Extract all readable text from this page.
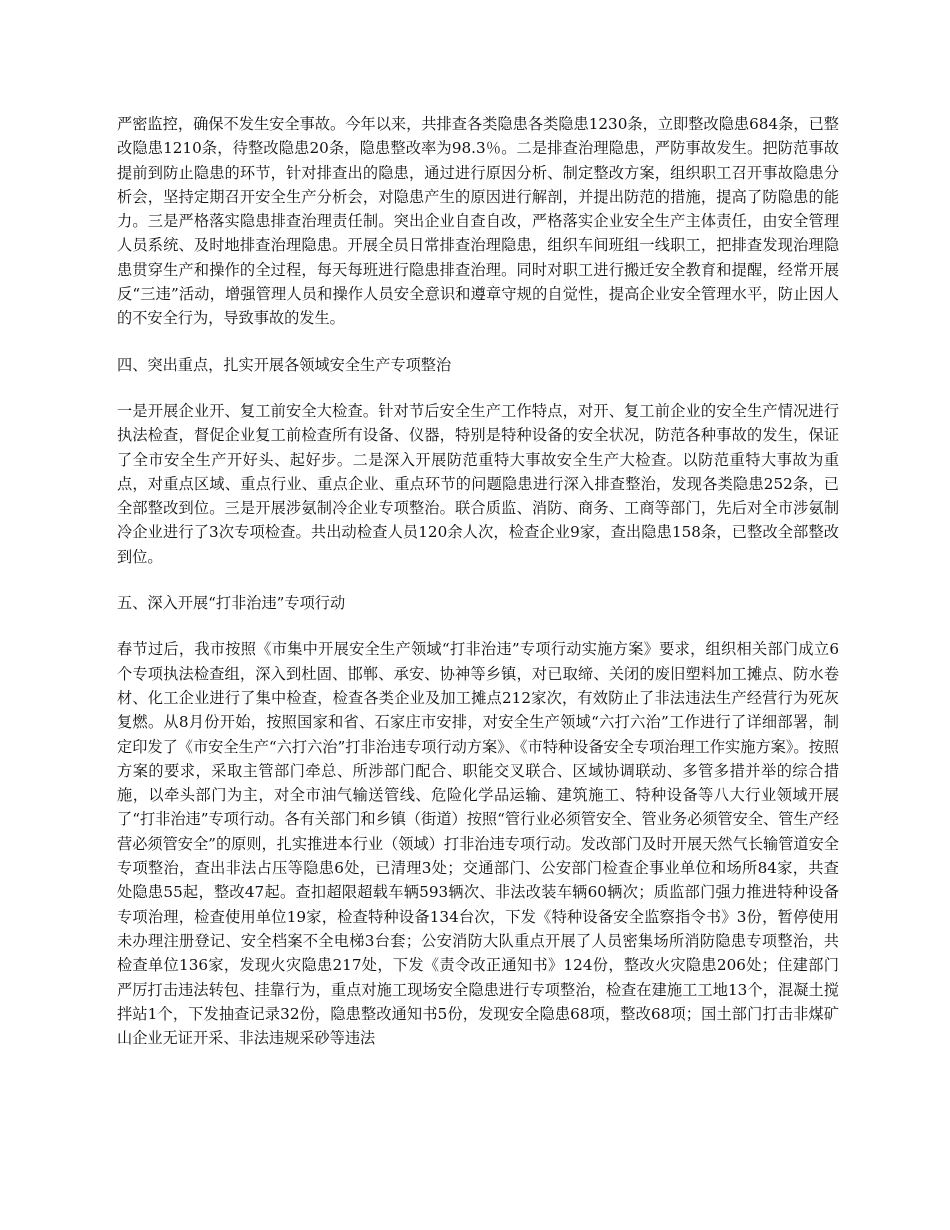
严密监控，确保不发生安全事故。今年以来，共排查各类隐患各类隐患1230条，立即整改隐患684条，已整改隐患1210条，待整改隐患20条，隐患整改率为98.3％。二是排查治理隐患，严防事故发生。把防范事故提前到防止隐患的环节，针对排查出的隐患，通过进行原因分析、制定整改方案，组织职工召开事故隐患分析会，坚持定期召开安全生产分析会，对隐患产生的原因进行解剖，并提出防范的措施，提高了防隐患的能力。三是严格落实隐患排查治理责任制。突出企业自查自改，严格落实企业安全生产主体责任，由安全管理人员系统、及时地排查治理隐患。开展全员日常排查治理隐患，组织车间班组一线职工，把排查发现治理隐患贯穿生产和操作的全过程，每天每班进行隐患排查治理。同时对职工进行搬迁安全教育和提醒，经常开展反“三违”活动，增强管理人员和操作人员安全意识和遵章守规的自觉性，提高企业安全管理水平，防止因人的不安全行为，导致事故的发生。

四、突出重点，扎实开展各领域安全生产专项整治

一是开展企业开、复工前安全大检查。针对节后安全生产工作特点，对开、复工前企业的安全生产情况进行执法检查，督促企业复工前检查所有设备、仪器，特别是特种设备的安全状况，防范各种事故的发生，保证了全市安全生产开好头、起好步。二是深入开展防范重特大事故安全生产大检查。以防范重特大事故为重点，对重点区域、重点行业、重点企业、重点环节的问题隐患进行深入排查整治，发现各类隐患252条，已全部整改到位。三是开展涉氨制冷企业专项整治。联合质监、消防、商务、工商等部门，先后对全市涉氨制冷企业进行了3次专项检查。共出动检查人员120余人次，检查企业9家，查出隐患158条，已整改全部整改到位。

五、深入开展“打非治违”专项行动

春节过后，我市按照《市集中开展安全生产领域“打非治违”专项行动实施方案》要求，组织相关部门成立6个专项执法检查组，深入到杜固、邯郸、承安、协神等乡镇，对已取缔、关闭的废旧塑料加工摊点、防水卷材、化工企业进行了集中检查，检查各类企业及加工摊点212家次，有效防止了非法违法生产经营行为死灰复燃。从8月份开始，按照国家和省、石家庄市安排，对安全生产领域“六打六治”工作进行了详细部署，制定印发了《市安全生产“六打六治”打非治违专项行动方案》、《市特种设备安全专项治理工作实施方案》。按照方案的要求，采取主管部门牵总、所涉部门配合、职能交叉联合、区域协调联动、多管多措并举的综合措施，以牵头部门为主，对全市油气输送管线、危险化学品运输、建筑施工、特种设备等八大行业领域开展了“打非治违”专项行动。各有关部门和乡镇（街道）按照“管行业必须管安全、管业务必须管安全、管生产经营必须管安全”的原则，扎实推进本行业（领域）打非治违专项行动。发改部门及时开展天然气长输管道安全专项整治，查出非法占压等隐患6处，已清理3处；交通部门、公安部门检查企事业单位和场所84家，共查处隐患55起，整改47起。查扣超限超载车辆593辆次、非法改装车辆60辆次；质监部门强力推进特种设备专项治理，检查使用单位19家，检查特种设备134台次，下发《特种设备安全监察指令书》3份，暂停使用未办理注册登记、安全档案不全电梯3台套；公安消防大队重点开展了人员密集场所消防隐患专项整治，共检查单位136家，发现火灾隐患217处，下发《责令改正通知书》124份，整改火灾隐患206处；住建部门严厉打击违法转包、挂靠行为，重点对施工现场安全隐患进行专项整治，检查在建施工工地13个，混凝土搅拌站1个，下发抽查记录32份，隐患整改通知书5份，发现安全隐患68项，整改68项；国土部门打击非煤矿山企业无证开采、非法违规采砂等违法
